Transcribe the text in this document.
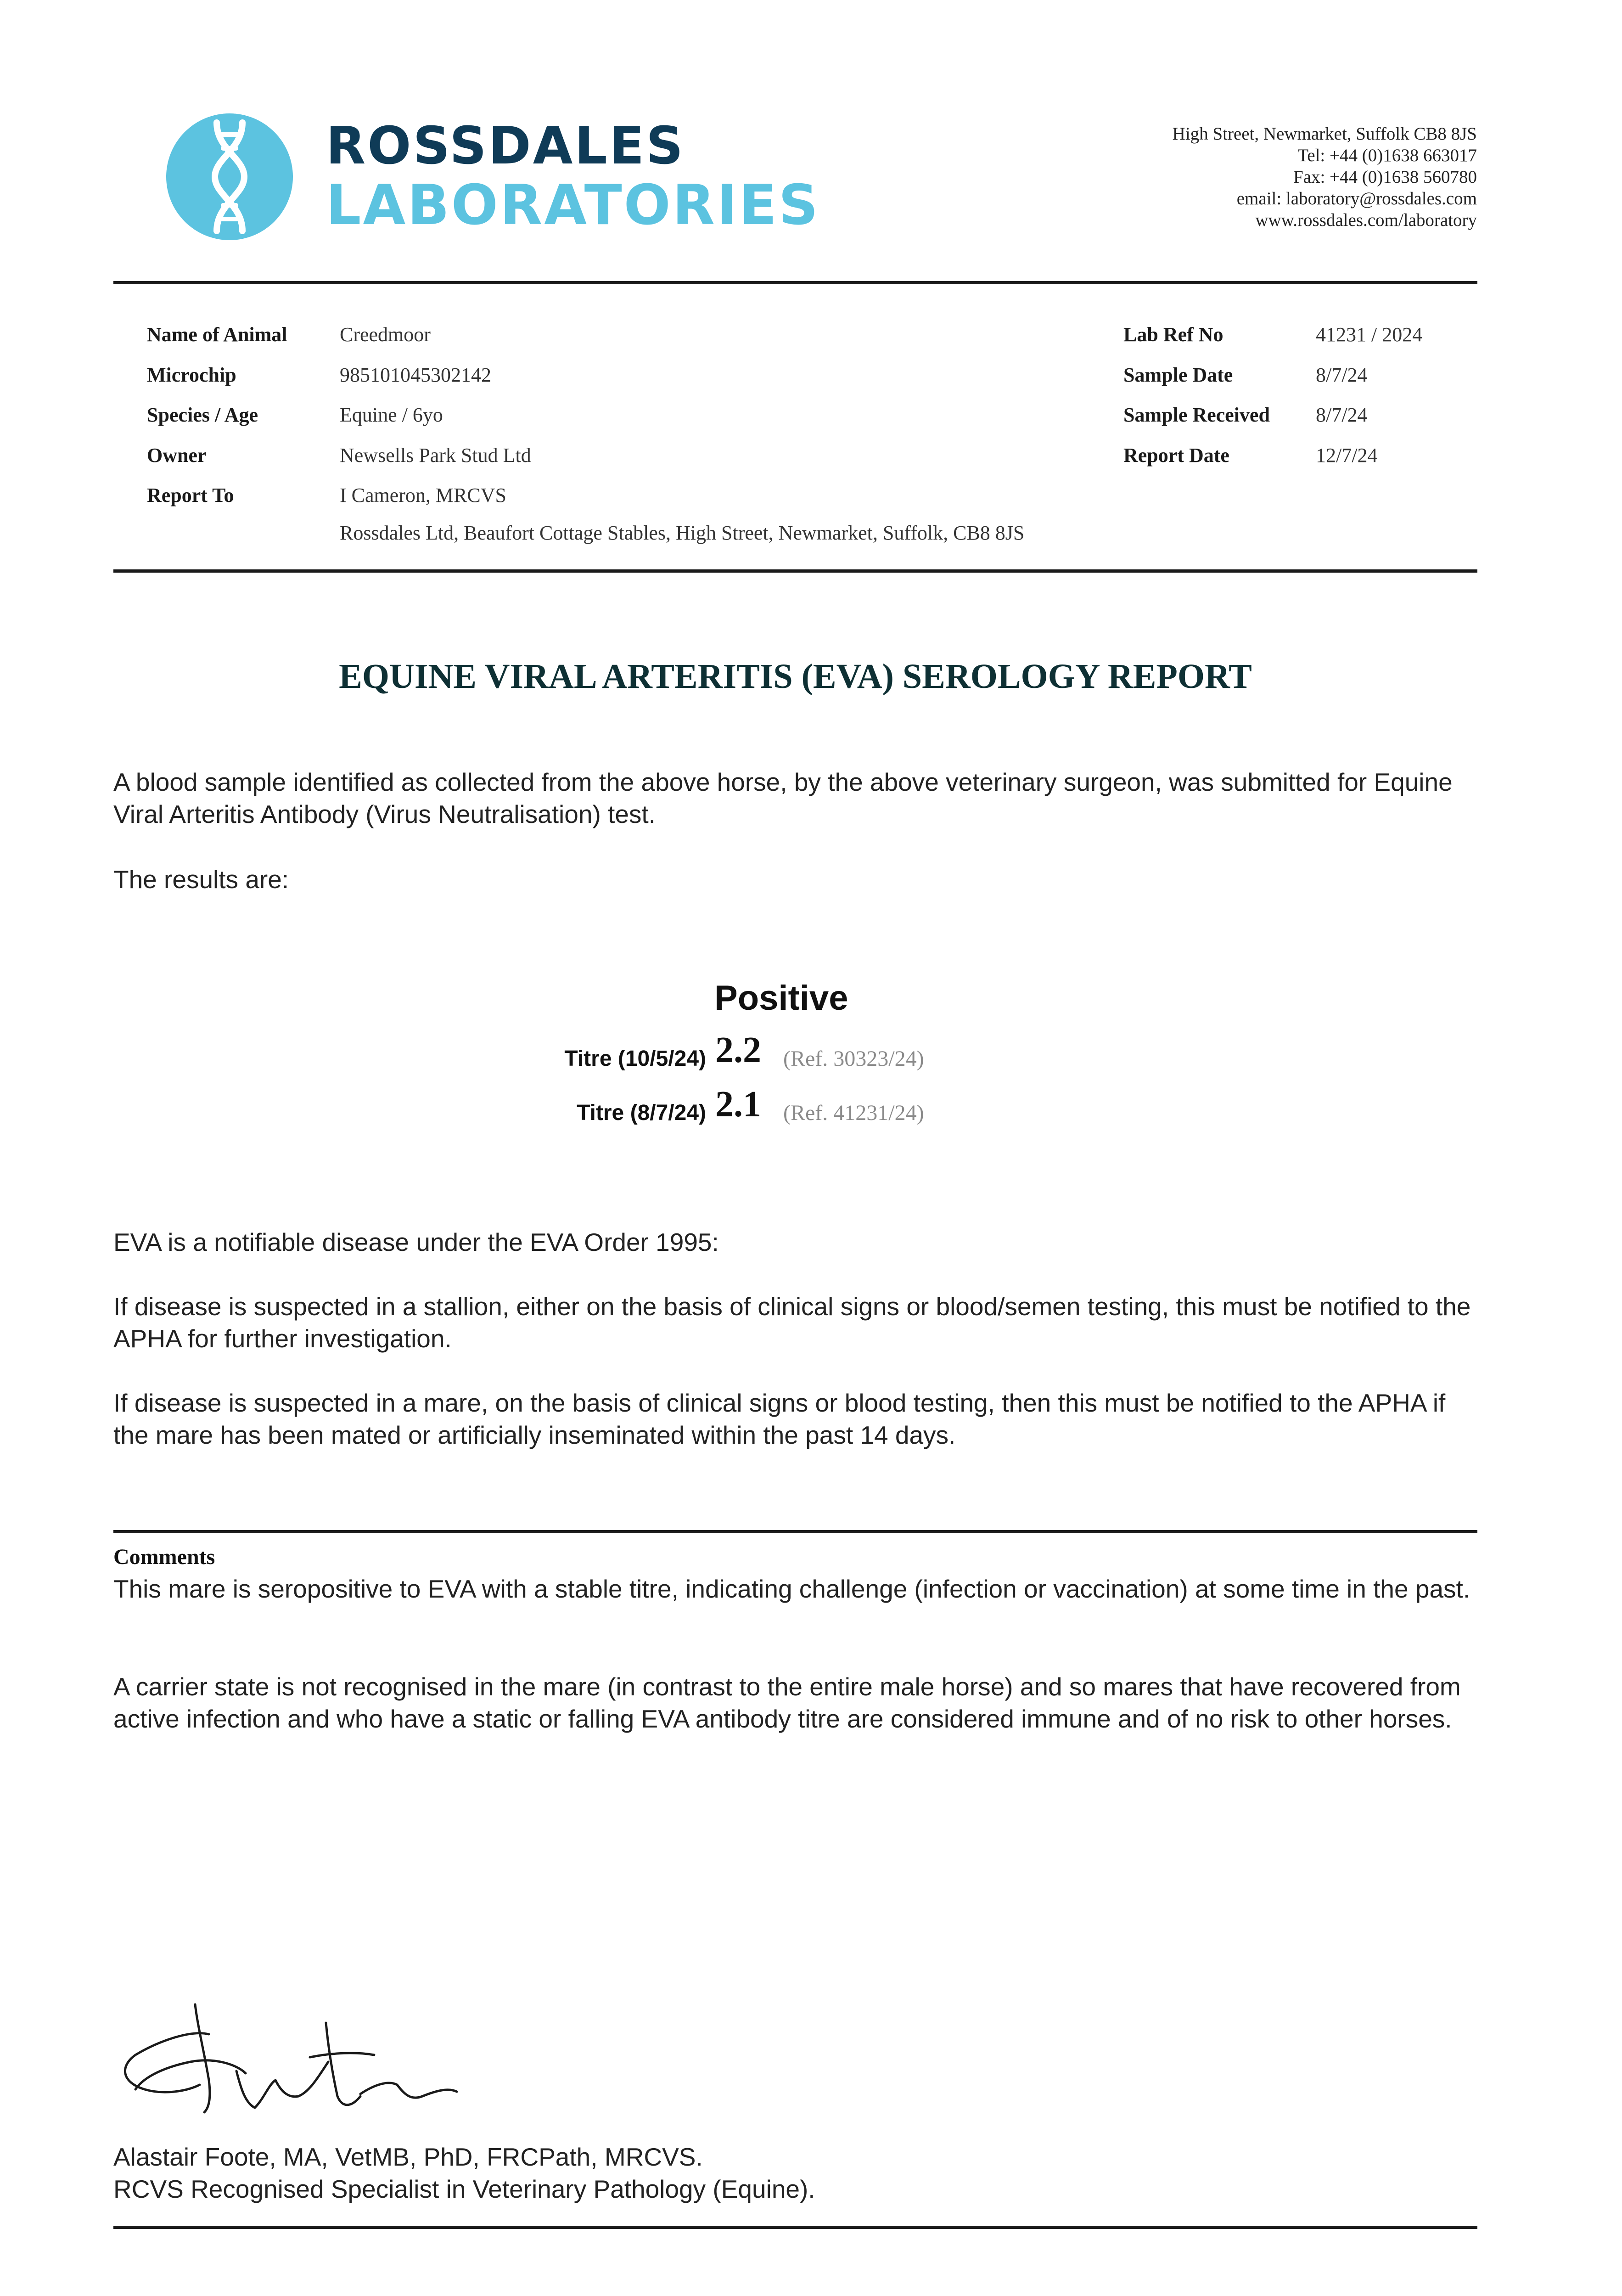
ROSSDALES
LABORATORIES
High Street, Newmarket, Suffolk CB8 8JS
Tel: +44 (0)1638 663017
Fax: +44 (0)1638 560780
email: laboratory@rossdales.com
www.rossdales.com/laboratory
Name of Animal	Creedmoor
Microchip	985101045302142
Species / Age	Equine / 6yo
Owner	Newsells Park Stud Ltd
Report To	I Cameron, MRCVS
Rossdales Ltd, Beaufort Cottage Stables, High Street, Newmarket, Suffolk, CB8 8JS
Lab Ref No	41231 / 2024
Sample Date	8/7/24
Sample Received 8/7/24
Report Date	12/7/24
EQUINE VIRAL ARTERITIS (EVA) SEROLOGY REPORT
A blood sample identified as collected from the above horse, by the above veterinary surgeon, was submitted for Equine Viral Arteritis Antibody (Virus Neutralisation) test.
The results are:
Positive
Titre (10/5/24) 2.2 (Ref. 30323/24)
Titre (8/7/24) 2.1 (Ref. 41231/24)
EVA is a notifiable disease under the EVA Order 1995:
If disease is suspected in a stallion, either on the basis of clinical signs or blood/semen testing, this must be notified to the APHA for further investigation.
If disease is suspected in a mare, on the basis of clinical signs or blood testing, then this must be notified to the APHA if the mare has been mated or artificially inseminated within the past 14 days.
Comments
This mare is seropositive to EVA with a stable titre, indicating challenge (infection or vaccination) at some time in the past.
A carrier state is not recognised in the mare (in contrast to the entire male horse) and so mares that have recovered from active infection and who have a static or falling EVA antibody titre are considered immune and of no risk to other horses.
Alastair Foote, MA, VetMB, PhD, FRCPath, MRCVS.
RCVS Recognised Specialist in Veterinary Pathology (Equine).
